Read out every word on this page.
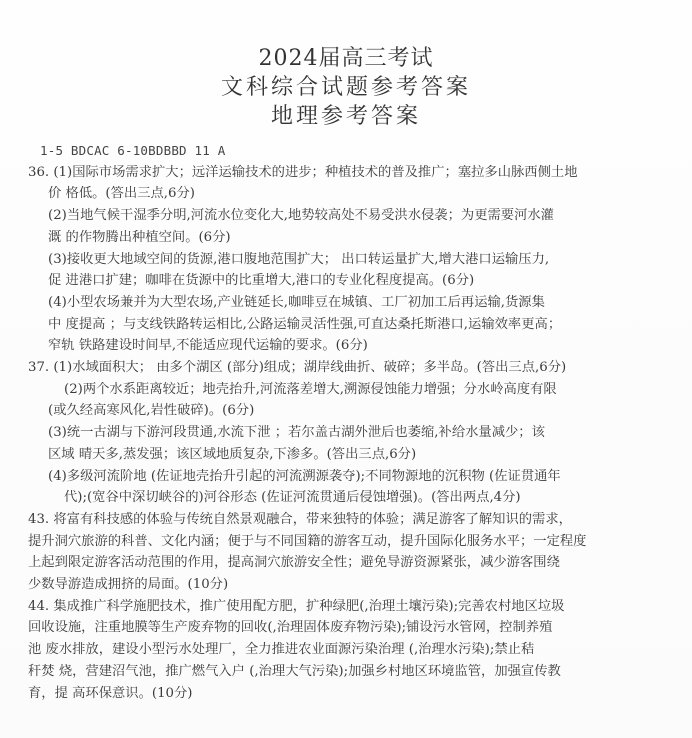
2024届高三考试
文科综合试题参考答案
地理参考答案
1-5 BDCAC 6-10BDBBD 11 A
36. (1)国际市场需求扩大；远洋运输技术的进步；种植技术的普及推广；塞拉多山脉西侧土地
价 格低。(答出三点,6分)
(2)当地气候干湿季分明,河流水位变化大,地势较高处不易受洪水侵袭；为更需要河水灌
溉 的作物腾出种植空间。(6分)
(3)接收更大地域空间的货源,港口腹地范围扩大； 出口转运量扩大,增大港口运输压力,
促 进港口扩建；咖啡在货源中的比重增大,港口的专业化程度提高。(6分)
(4)小型农场兼并为大型农场,产业链延长,咖啡豆在城镇、工厂初加工后再运输,货源集
中 度提高 ；与支线铁路转运相比,公路运输灵活性强,可直达桑托斯港口,运输效率更高；
窄轨 铁路建设时间早,不能适应现代运输的要求。(6分)
37. (1)水域面积大； 由多个湖区 (部分)组成；湖岸线曲折、破碎；多半岛。(答出三点,6分)
(2)两个水系距离较近；地壳抬升,河流落差增大,溯源侵蚀能力增强；分水岭高度有限
(或久经高寒风化,岩性破碎)。(6分)
(3)统一古湖与下游河段贯通,水流下泄 ；若尔盖古湖外泄后也萎缩,补给水量减少；该
区域 晴天多,蒸发强；该区域地质复杂,下渗多。(答出三点,6分)
(4)多级河流阶地 (佐证地壳抬升引起的河流溯源袭夺);不同物源地的沉积物 (佐证贯通年
代);(宽谷中深切峡谷的)河谷形态 (佐证河流贯通后侵蚀增强)。(答出两点,4分)
43. 将富有科技感的体验与传统自然景观融合，带来独特的体验；满足游客了解知识的需求，
提升洞穴旅游的科普、文化内涵；便于与不同国籍的游客互动，提升国际化服务水平；一定程度
上起到限定游客活动范围的作用，提高洞穴旅游安全性；避免导游资源紧张，减少游客围绕
少数导游造成拥挤的局面。(10分)
44. 集成推广科学施肥技术，推广使用配方肥，扩种绿肥(,治理土壤污染);完善农村地区垃圾
回收设施，注重地膜等生产废弃物的回收(,治理固体废弃物污染);铺设污水管网，控制养殖
池 废水排放，建设小型污水处理厂，全力推进农业面源污染治理 (,治理水污染);禁止秸
秆焚 烧，营建沼气池，推广燃气入户 (,治理大气污染);加强乡村地区环境监管，加强宣传教
育，提 高环保意识。(10分)
